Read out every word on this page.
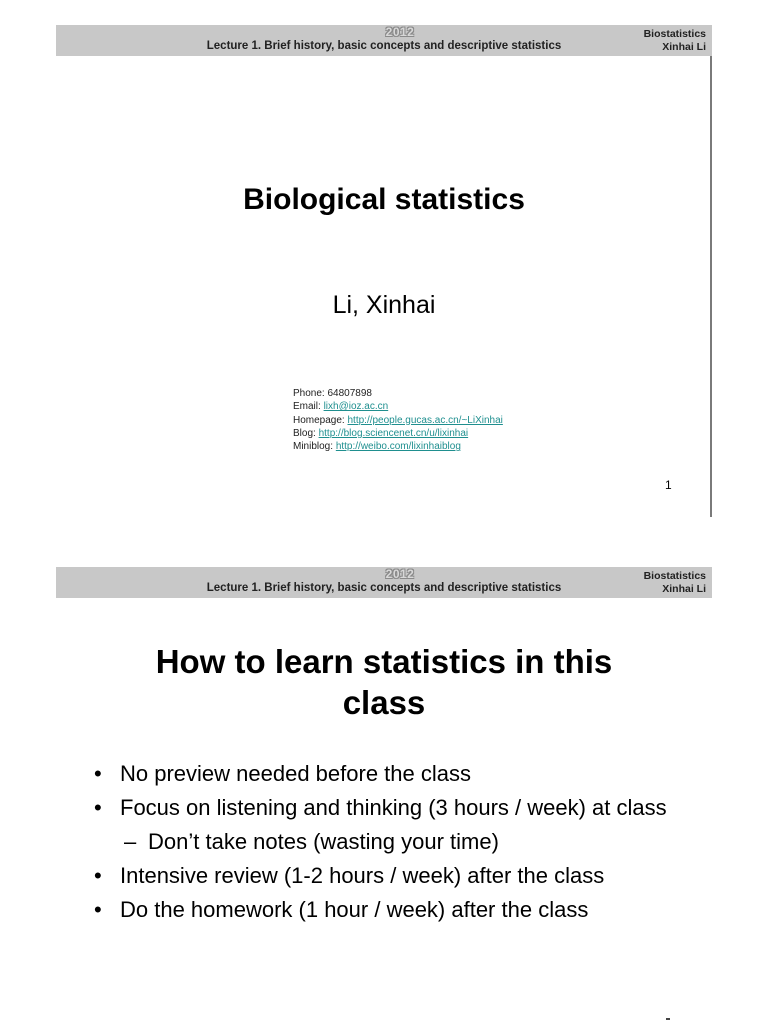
2012
Lecture 1. Brief history, basic concepts and descriptive statistics
Biostatistics
Xinhai Li
Biological statistics
Li, Xinhai
Phone: 64807898
Email: lixh@ioz.ac.cn
Homepage: http://people.gucas.ac.cn/~LiXinhai
Blog: http://blog.sciencenet.cn/u/lixinhai
Miniblog: http://weibo.com/lixinhaiblog
1
2012
Lecture 1. Brief history, basic concepts and descriptive statistics
Biostatistics
Xinhai Li
How to learn statistics in this
class
• No preview needed before the class
• Focus on listening and thinking (3 hours / week) at class
– Don’t take notes (wasting your time)
• Intensive review (1-2 hours / week) after the class
• Do the homework (1 hour / week) after the class
